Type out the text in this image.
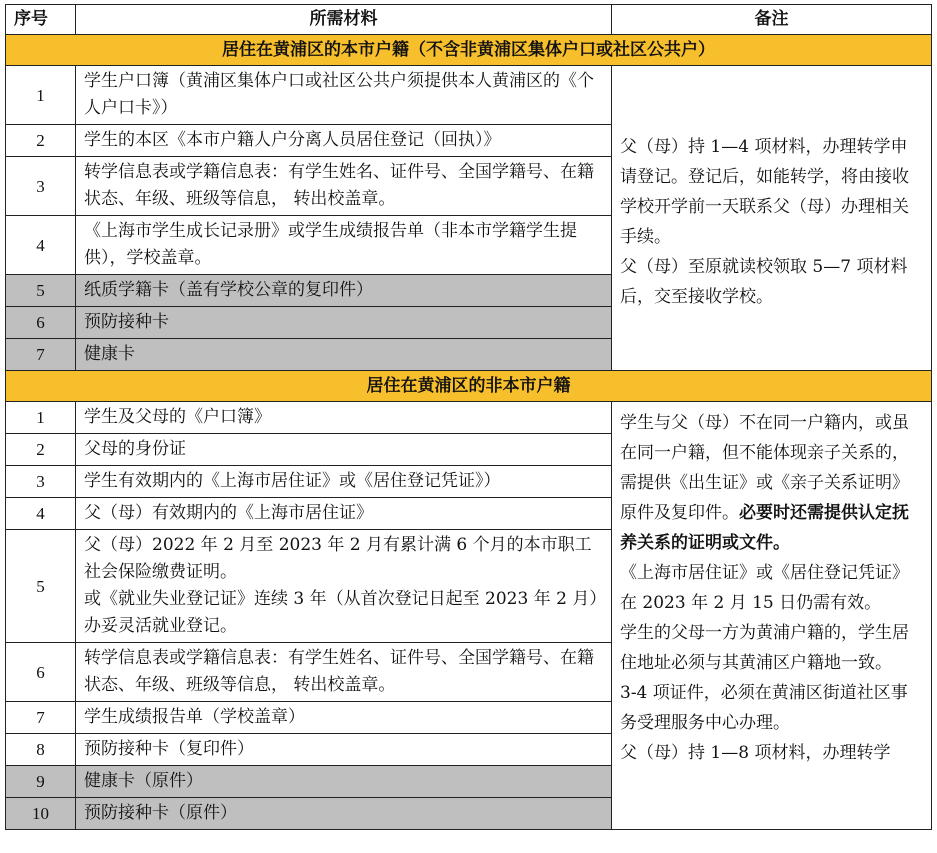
序号	所需材料	备注
居住在黄浦区的本市户籍（不含非黄浦区集体户口或社区公共户）		
1	学生户口簿（黄浦区集体户口或社区公共户须提供本人黄浦区的《个人户口卡》）	父（母）持 1—4 项材料，办理转学申请登记。登记后，如能转学，将由接收学校开学前一天联系父（母）办理相关手续。
父（母）至原就读校领取 5—7 项材料后，交至接收学校。

2	学生的本区《本市户籍人户分离人员居住登记（回执）》	
3	转学信息表或学籍信息表：有学生姓名、证件号、全国学籍号、在籍状态、年级、班级等信息， 转出校盖章。	
4	《上海市学生成长记录册》或学生成绩报告单（非本市学籍学生提供），学校盖章。	
5	纸质学籍卡（盖有学校公章的复印件）	
6	预防接种卡	
7	健康卡	
居住在黄浦区的非本市户籍		
1	学生及父母的《户口簿》	学生与父（母）不在同一户籍内，或虽在同一户籍，但不能体现亲子关系的，需提供《出生证》或《亲子关系证明》原件及复印件。必要时还需提供认定抚养关系的证明或文件。
《上海市居住证》或《居住登记凭证》在 2023 年 2 月 15 日仍需有效。
学生的父母一方为黄浦户籍的，学生居住地址必须与其黄浦区户籍地一致。
3-4 项证件，必须在黄浦区街道社区事务受理服务中心办理。
父（母）持 1—8 项材料，办理转学

2	父母的身份证	
3	学生有效期内的《上海市居住证》或《居住登记凭证》）	
4	父（母）有效期内的《上海市居住证》	
5	父（母）2022 年 2 月至 2023 年 2 月有累计满 6 个月的本市职工社会保险缴费证明。
或《就业失业登记证》连续 3 年（从首次登记日起至 2023 年 2 月）办妥灵活就业登记。	

6	转学信息表或学籍信息表：有学生姓名、证件号、全国学籍号、在籍状态、年级、班级等信息， 转出校盖章。	
7	学生成绩报告单（学校盖章）	
8	预防接种卡（复印件）	
9	健康卡（原件）	
10	预防接种卡（原件）	
